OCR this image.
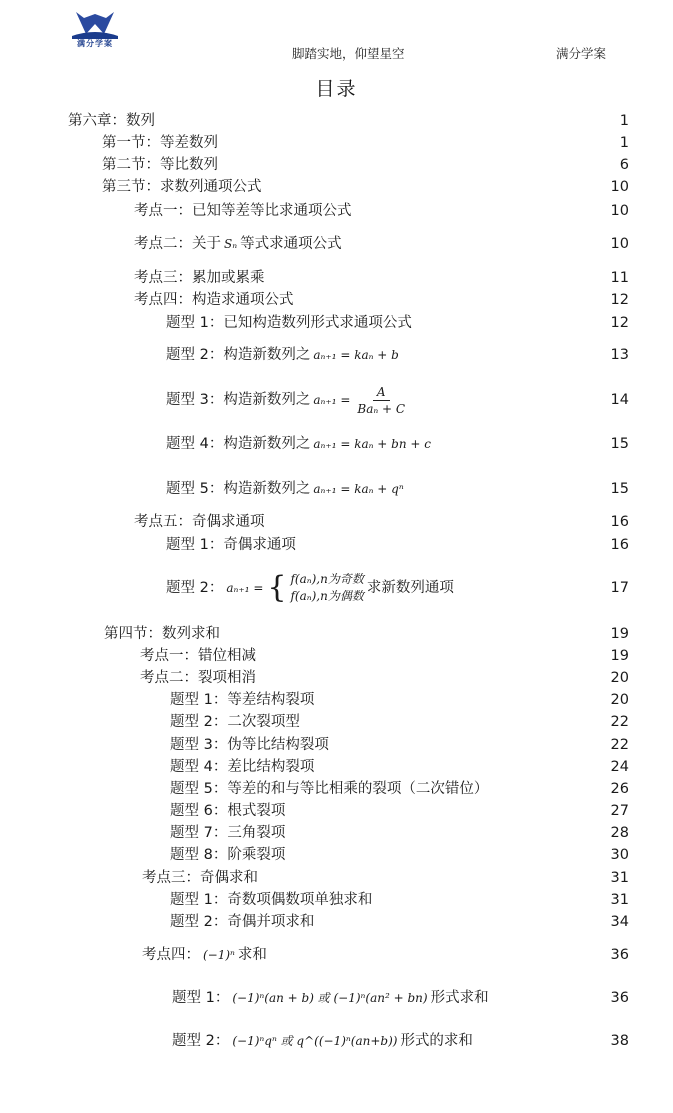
满分学案
脚踏实地，仰望星空	满分学案
目录
第六章：数列	1
第一节：等差数列	1
第二节：等比数列	6
第三节：求数列通项公式	10
考点一：已知等差等比求通项公式	10
考点二：关于 Sₙ 等式求通项公式	10
考点三：累加或累乘	11
考点四：构造求通项公式	12
题型 1：已知构造数列形式求通项公式	12
题型 2：构造新数列之 aₙ₊₁ = kaₙ + b	13
题型 3：构造新数列之 $a_{n+1} = \frac{A}{\text{Baₙ + C}}$	14
题型 4：构造新数列之 aₙ₊₁ = kaₙ + bn + c	15
题型 5：构造新数列之 aₙ₊₁ = kaₙ + qⁿ	15
考点五：奇偶求通项	16
题型 1：奇偶求通项	16
题型 2： aₙ₊₁ = { f(aₙ),n为奇数
f(aₙ),n为偶数 求新数列通项	17
第四节：数列求和	19
考点一：错位相减	19
考点二：裂项相消	20
题型 1：等差结构裂项	20
题型 2：二次裂项型	22
题型 3：伪等比结构裂项	22
题型 4：差比结构裂项	24
题型 5：等差的和与等比相乘的裂项（二次错位）	26
题型 6：根式裂项	27
题型 7：三角裂项	28
题型 8：阶乘裂项	30
考点三：奇偶求和	31
题型 1：奇数项偶数项单独求和	31
题型 2：奇偶并项求和	34
考点四： (−1)ⁿ 求和	36
题型 1： (−1)ⁿ(an + b) 或 (−1)ⁿ(an² + bn) 形式求和	36
题型 2： (−1)ⁿqⁿ 或 q^((−1)ⁿ(an+b)) 形式的求和	38
